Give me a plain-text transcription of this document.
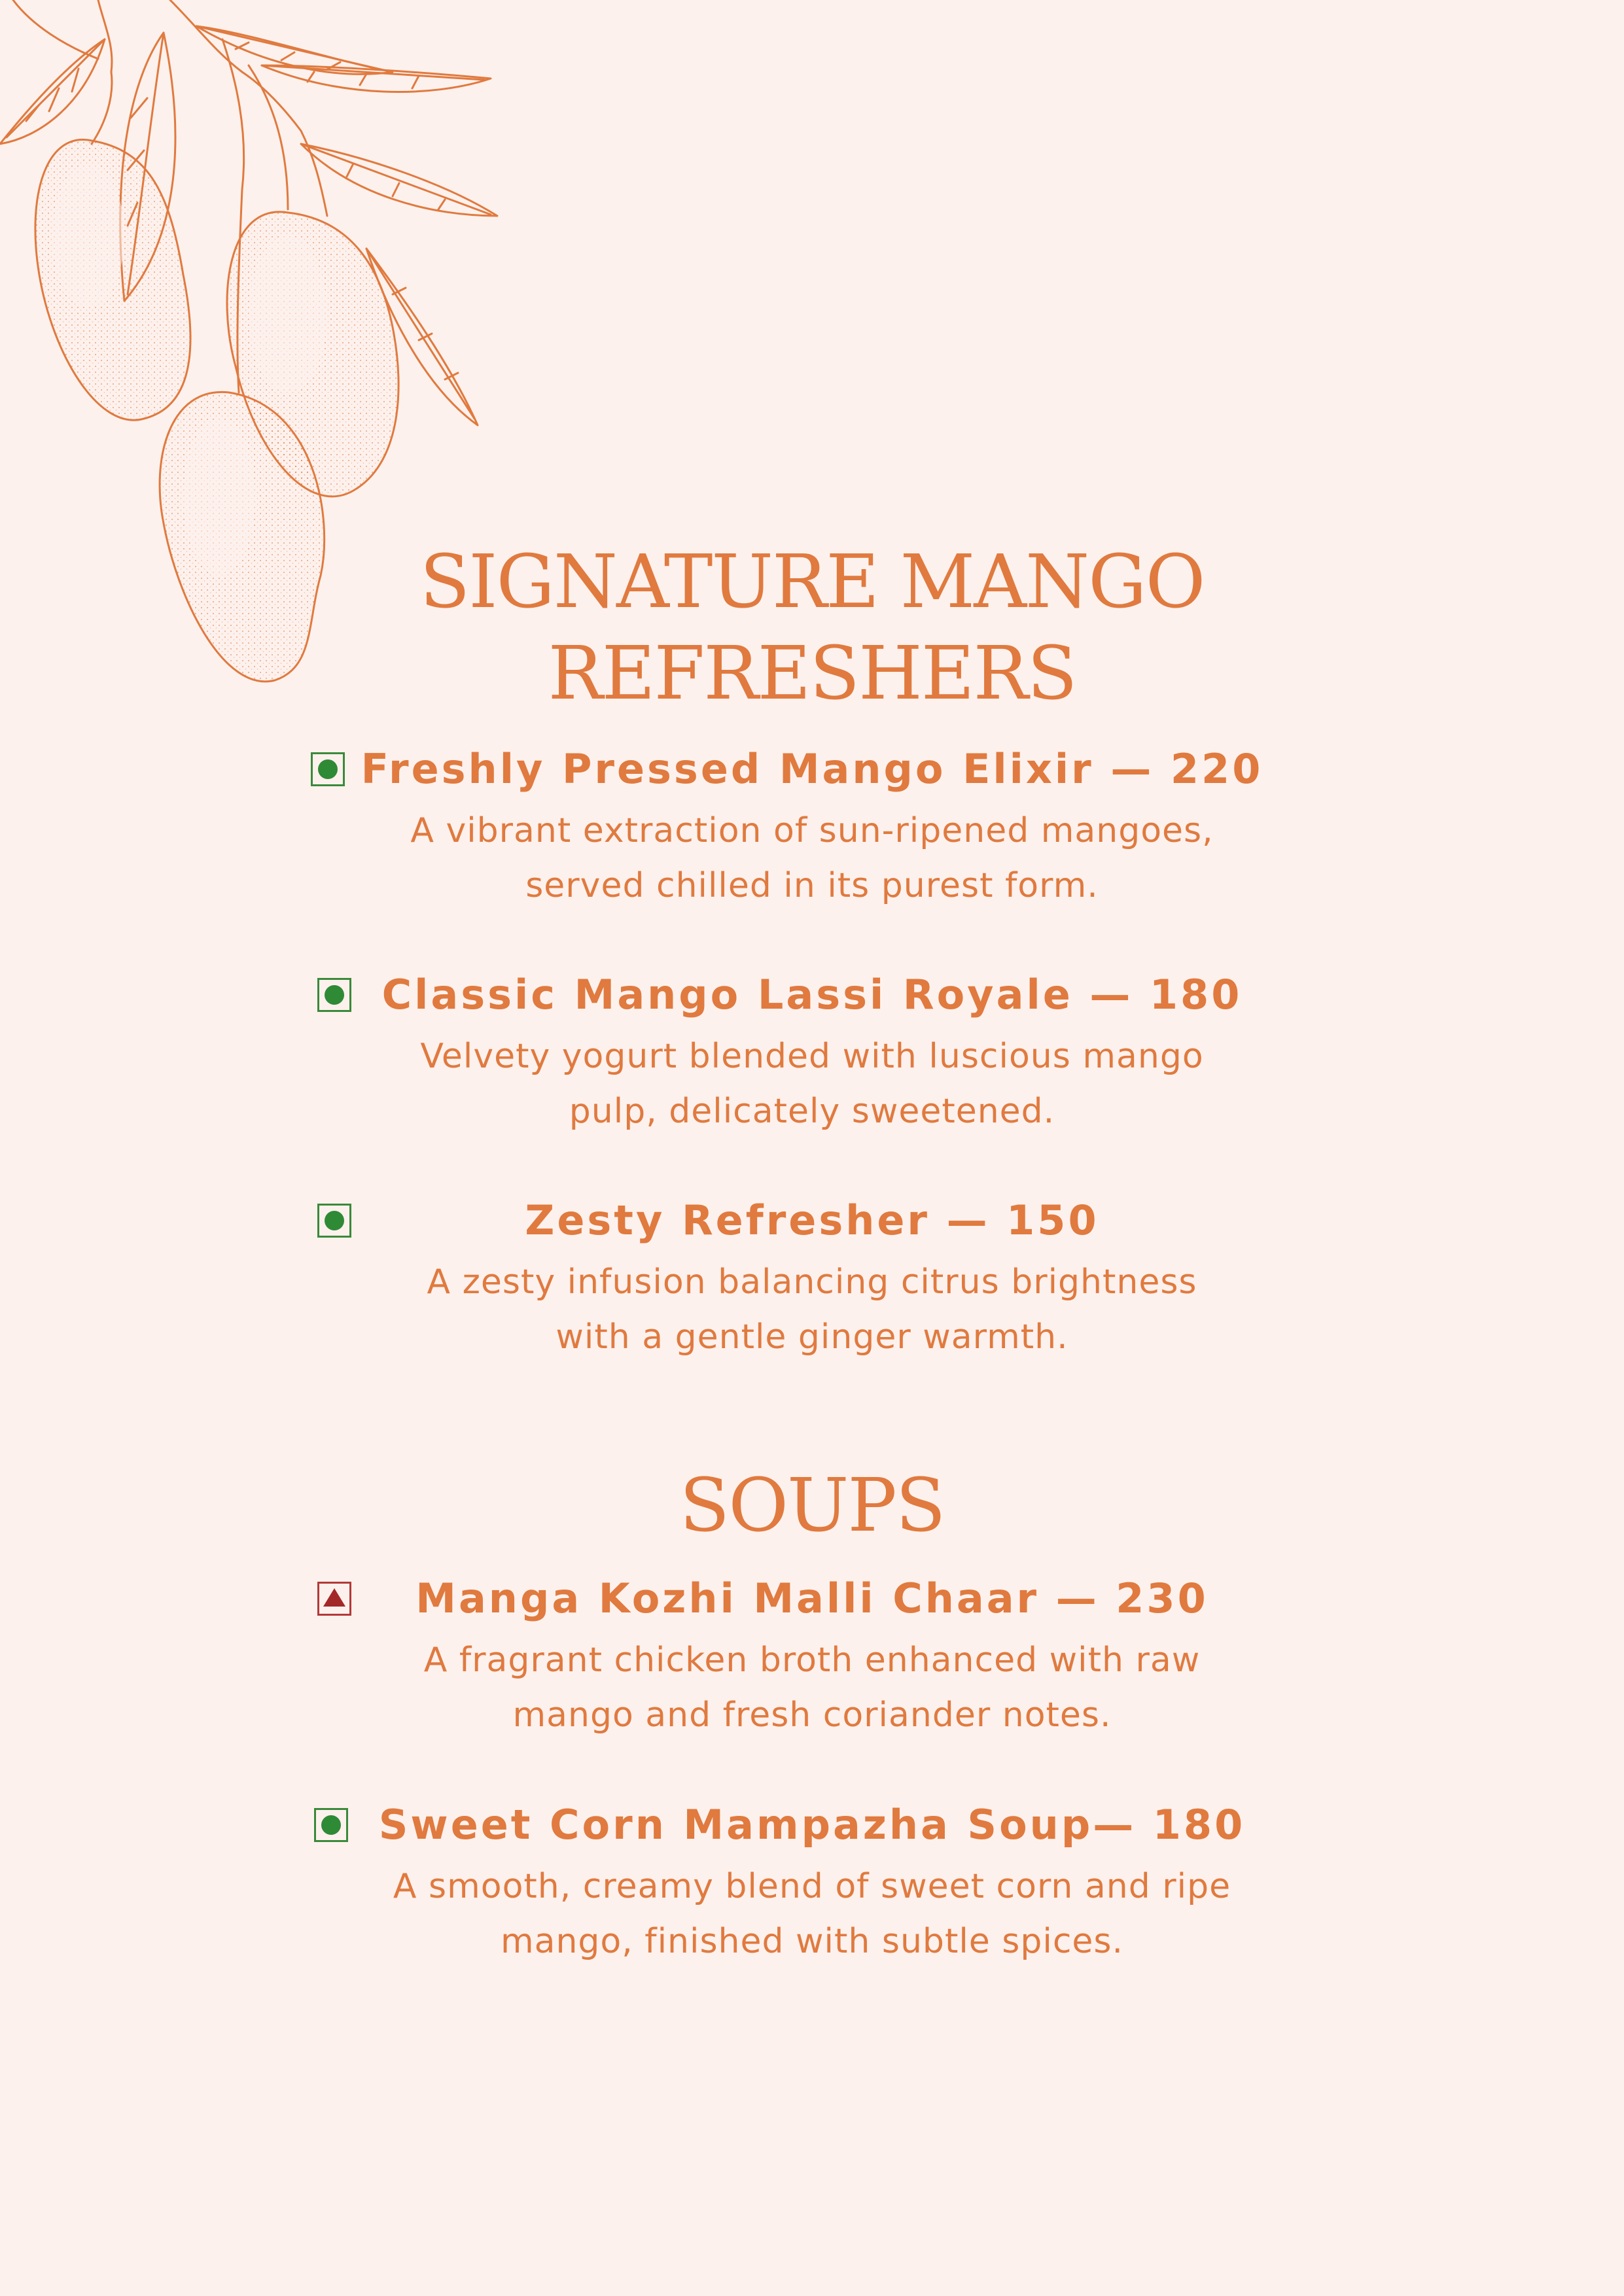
SIGNATURE MANGO
REFRESHERS
Freshly Pressed Mango Elixir — 220
A vibrant extraction of sun-ripened mangoes,
served chilled in its purest form.
Classic Mango Lassi Royale — 180
Velvety yogurt blended with luscious mango
pulp, delicately sweetened.
Zesty Refresher — 150
A zesty infusion balancing citrus brightness
with a gentle ginger warmth.
SOUPS
Manga Kozhi Malli Chaar — 230
A fragrant chicken broth enhanced with raw
mango and fresh coriander notes.
Sweet Corn Mampazha Soup— 180
A smooth, creamy blend of sweet corn and ripe
mango, finished with subtle spices.
